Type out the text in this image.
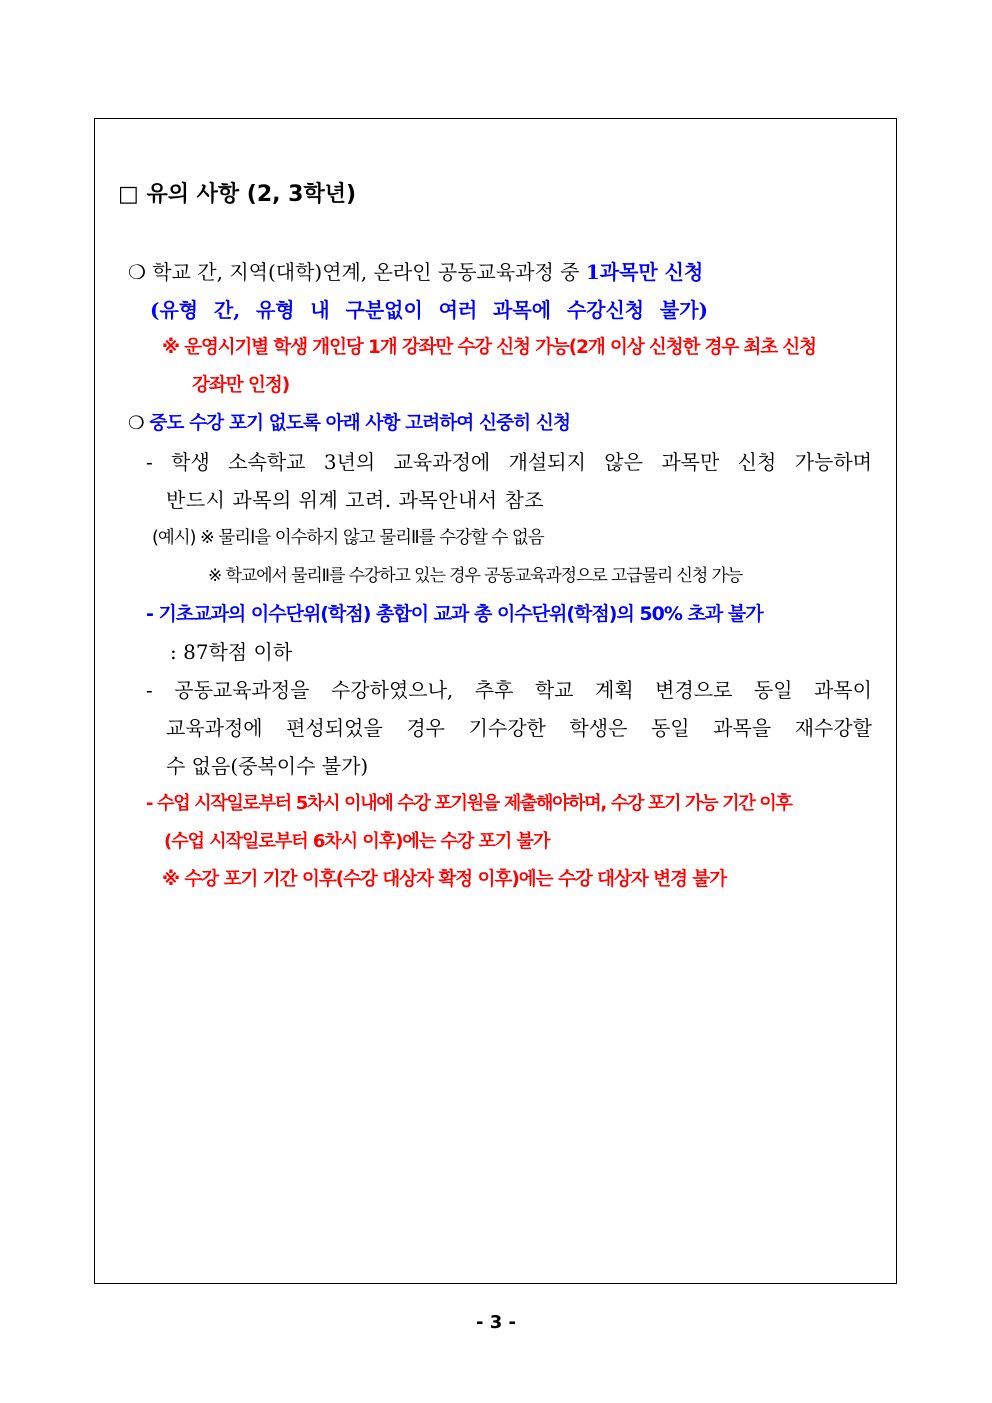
□ 유의 사항 (2, 3학년)
❍ 학교 간, 지역(대학)연계, 온라인 공동교육과정 중 1과목만 신청
(유형 간, 유형 내 구분없이 여러 과목에 수강신청 불가)
※ 운영시기별 학생 개인당 1개 강좌만 수강 신청 가능(2개 이상 신청한 경우 최초 신청
강좌만 인정)
❍ 중도 수강 포기 없도록 아래 사항 고려하여 신중히 신청
- 학생 소속학교 3년의 교육과정에 개설되지 않은 과목만 신청 가능하며
반드시 과목의 위계 고려. 과목안내서 참조
(예시) ※ 물리Ⅰ을 이수하지 않고 물리Ⅱ를 수강할 수 없음
※ 학교에서 물리Ⅱ를 수강하고 있는 경우 공동교육과정으로 고급물리 신청 가능
- 기초교과의 이수단위(학점) 총합이 교과 총 이수단위(학점)의 50% 초과 불가
: 87학점 이하
- 공동교육과정을 수강하였으나, 추후 학교 계획 변경으로 동일 과목이
교육과정에 편성되었을 경우 기수강한 학생은 동일 과목을 재수강할
수 없음(중복이수 불가)
- 수업 시작일로부터 5차시 이내에 수강 포기원을 제출해야하며, 수강 포기 가능 기간 이후
(수업 시작일로부터 6차시 이후)에는 수강 포기 불가
※ 수강 포기 기간 이후(수강 대상자 확정 이후)에는 수강 대상자 변경 불가
- 3 -
